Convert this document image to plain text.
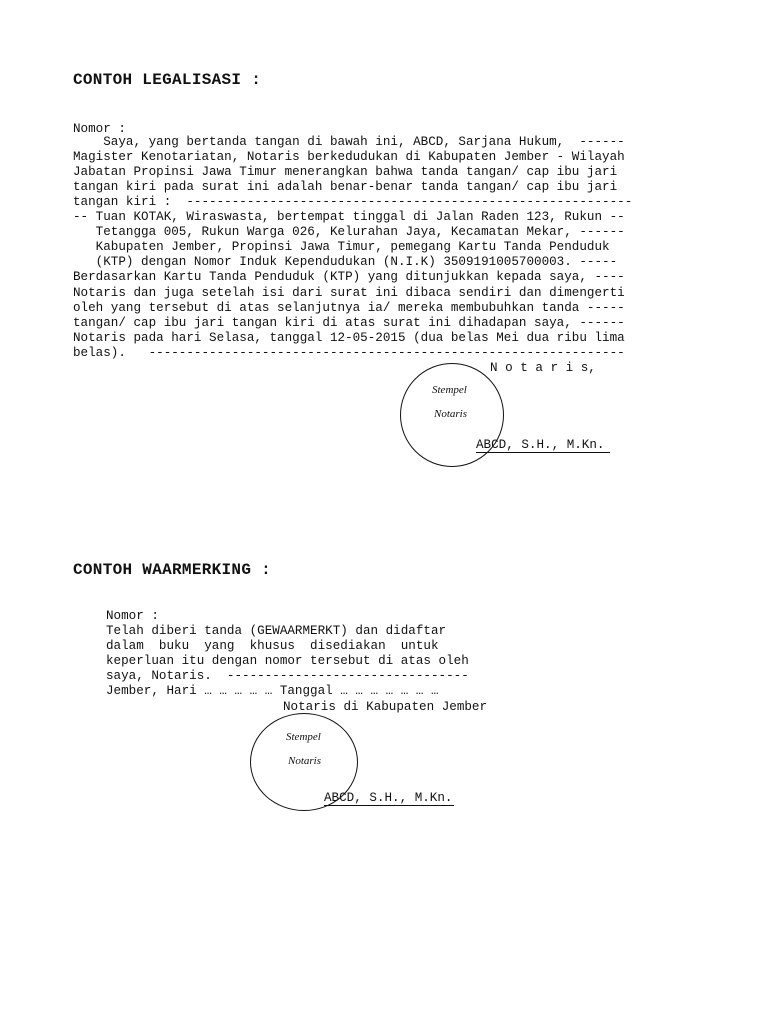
CONTOH LEGALISASI :
Nomor :
Saya, yang bertanda tangan di bawah ini, ABCD, Sarjana Hukum,  ------
Magister Kenotariatan, Notaris berkedudukan di Kabupaten Jember - Wilayah
Jabatan Propinsi Jawa Timur menerangkan bahwa tanda tangan/ cap ibu jari
tangan kiri pada surat ini adalah benar-benar tanda tangan/ cap ibu jari
tangan kiri :  -----------------------------------------------------------
-- Tuan KOTAK, Wiraswasta, bertempat tinggal di Jalan Raden 123, Rukun --
Tetangga 005, Rukun Warga 026, Kelurahan Jaya, Kecamatan Mekar, ------
Kabupaten Jember, Propinsi Jawa Timur, pemegang Kartu Tanda Penduduk
(KTP) dengan Nomor Induk Kependudukan (N.I.K) 3509191005700003. -----
Berdasarkan Kartu Tanda Penduduk (KTP) yang ditunjukkan kepada saya, ----
Notaris dan juga setelah isi dari surat ini dibaca sendiri dan dimengerti
oleh yang tersebut di atas selanjutnya ia/ mereka membubuhkan tanda -----
tangan/ cap ibu jari tangan kiri di atas surat ini dihadapan saya, ------
Notaris pada hari Selasa, tanggal 12-05-2015 (dua belas Mei dua ribu lima
belas).   ---------------------------------------------------------------
N o t a r i s,
Stempel
Notaris
ABCD, S.H., M.Kn.
CONTOH WAARMERKING :
Nomor :
Telah diberi tanda (GEWAARMERKT) dan didaftar
dalam  buku  yang  khusus  disediakan  untuk
keperluan itu dengan nomor tersebut di atas oleh
saya, Notaris.  --------------------------------
Jember, Hari … … … … … Tanggal … … … … … … …
Notaris di Kabupaten Jember
Stempel
Notaris
ABCD, S.H., M.Kn.
